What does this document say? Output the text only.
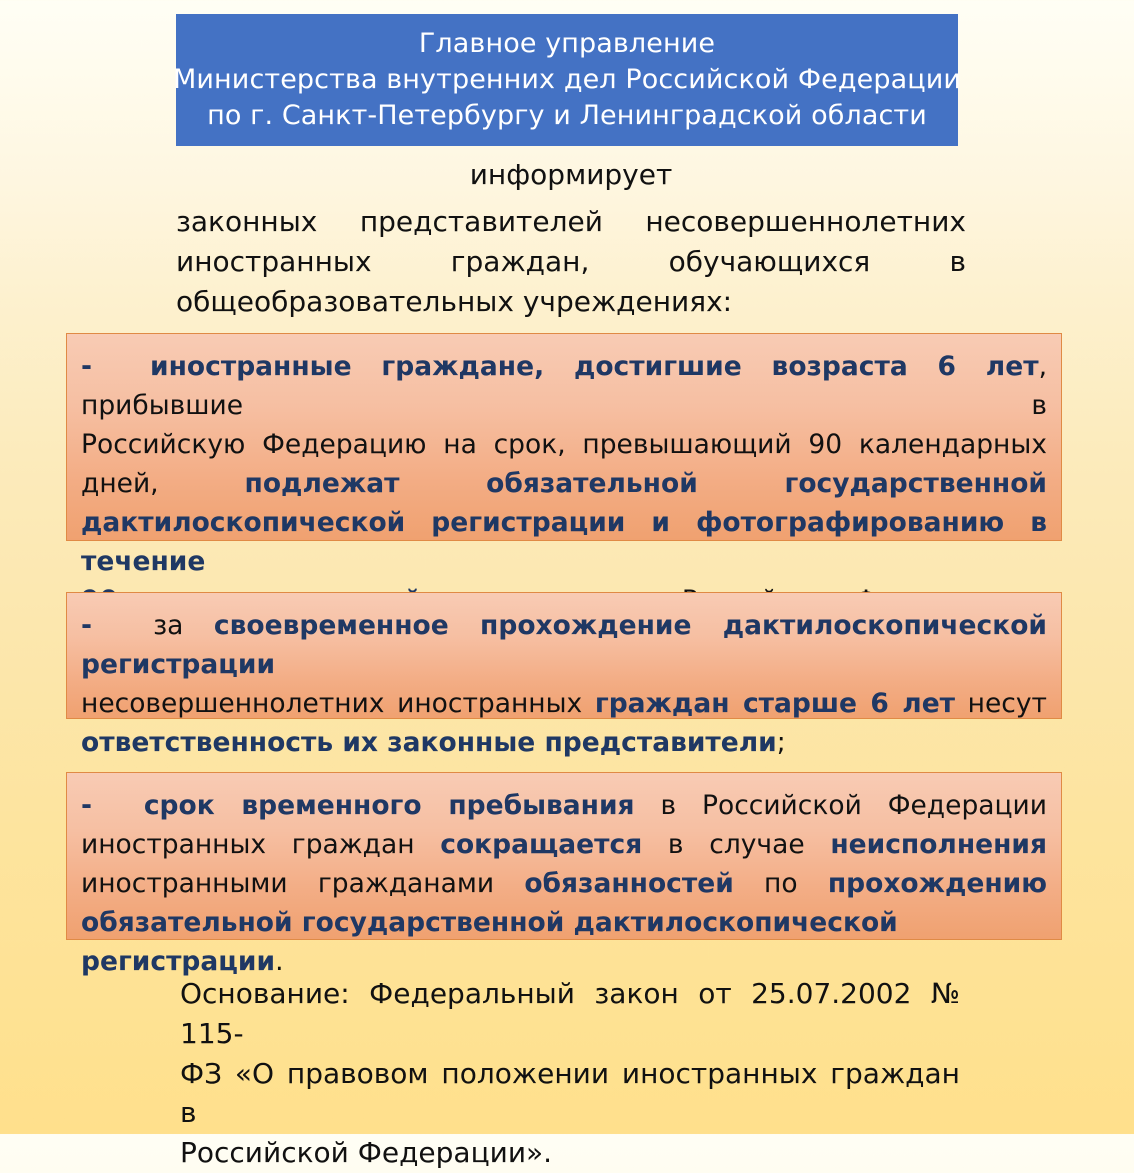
Главное управление
Министерства внутренних дел Российской Федерации
по г. Санкт-Петербургу и Ленинградской области
информирует
законных представителей несовершеннолетних
иностранных граждан, обучающихся в
общеобразовательных учреждениях:

- иностранные граждане, достигшие возраста 6 лет, прибывшие в
Российскую Федерацию на срок, превышающий 90 календарных
дней, подлежат обязательной государственной
дактилоскопической регистрации и фотографированию в течение

- за своевременное прохождение дактилоскопической регистрации
несовершеннолетних иностранных граждан старше 6 лет несут
ответственность их законные представители;

- срок временного пребывания в Российской Федерации
иностранных граждан сокращается в случае неисполнения
иностранными гражданами обязанностей по прохождению
обязательной государственной дактилоскопической регистрации.

Основание: Федеральный закон от 25.07.2002 № 115-
ФЗ «О правовом положении иностранных граждан в
Российской Федерации».
